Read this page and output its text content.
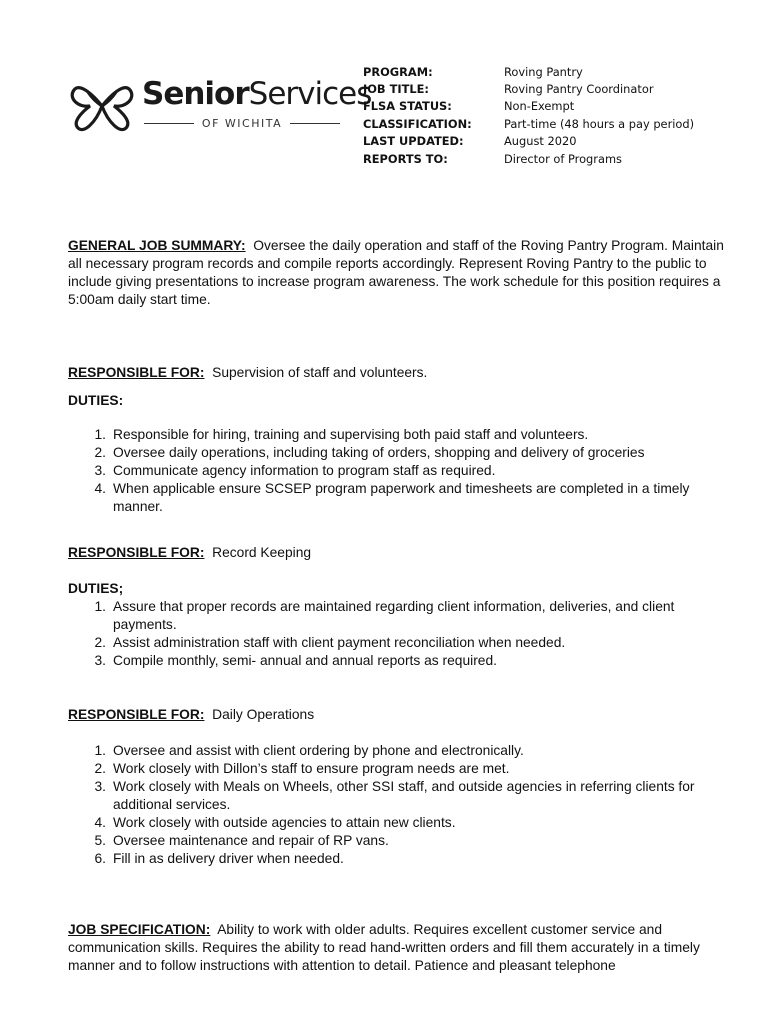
SeniorServices
OF WICHITA
PROGRAM:	Roving Pantry
JOB TITLE:	Roving Pantry Coordinator
FLSA STATUS:	Non-Exempt
CLASSIFICATION:	Part-time (48 hours a pay period)
LAST UPDATED:	August 2020
REPORTS TO:	Director of Programs
GENERAL JOB SUMMARY: Oversee the daily operation and staff of the Roving Pantry Program. Maintain all necessary program records and compile reports accordingly. Represent Roving Pantry to the public to include giving presentations to increase program awareness. The work schedule for this position requires a 5:00am daily start time.
RESPONSIBLE FOR: Supervision of staff and volunteers.
DUTIES:
1. Responsible for hiring, training and supervising both paid staff and volunteers.
2. Oversee daily operations, including taking of orders, shopping and delivery of groceries
3. Communicate agency information to program staff as required.
4. When applicable ensure SCSEP program paperwork and timesheets are completed in a timely manner.
RESPONSIBLE FOR: Record Keeping
DUTIES;
1. Assure that proper records are maintained regarding client information, deliveries, and client payments.
2. Assist administration staff with client payment reconciliation when needed.
3. Compile monthly, semi- annual and annual reports as required.
RESPONSIBLE FOR: Daily Operations
1. Oversee and assist with client ordering by phone and electronically.
2. Work closely with Dillon’s staff to ensure program needs are met.
3. Work closely with Meals on Wheels, other SSI staff, and outside agencies in referring clients for additional services.
4. Work closely with outside agencies to attain new clients.
5. Oversee maintenance and repair of RP vans.
6. Fill in as delivery driver when needed.
JOB SPECIFICATION: Ability to work with older adults. Requires excellent customer service and communication skills. Requires the ability to read hand-written orders and fill them accurately in a timely manner and to follow instructions with attention to detail. Patience and pleasant telephone
